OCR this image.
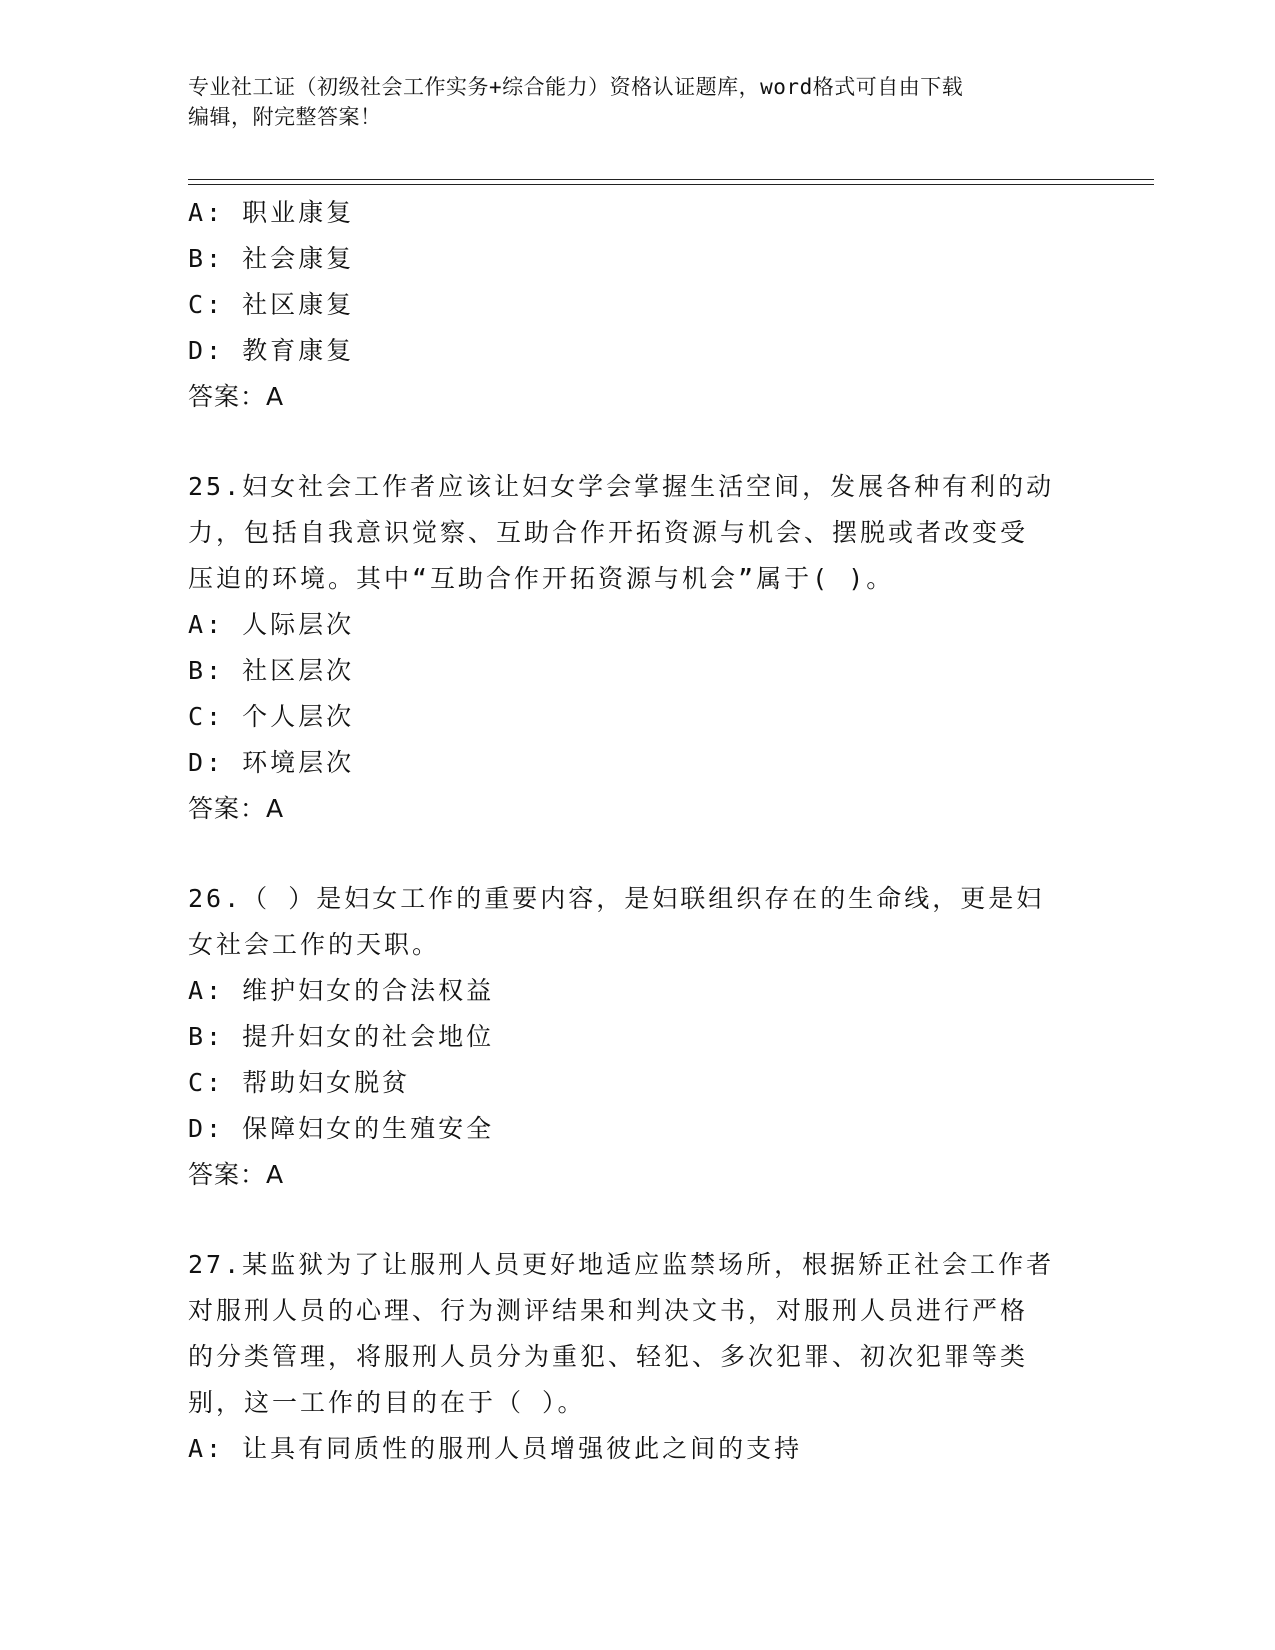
专业社工证（初级社会工作实务+综合能力）资格认证题库，word格式可自由下载
编辑，附完整答案！

A: 职业康复

B: 社会康复

C: 社区康复

D: 教育康复

答案：A

25.妇女社会工作者应该让妇女学会掌握生活空间，发展各种有利的动

力，包括自我意识觉察、互助合作开拓资源与机会、摆脱或者改变受

压迫的环境。其中“互助合作开拓资源与机会”属于( )。

A: 人际层次

B: 社区层次

C: 个人层次

D: 环境层次

答案：A

26.（ ）是妇女工作的重要内容，是妇联组织存在的生命线，更是妇

女社会工作的天职。

A: 维护妇女的合法权益

B: 提升妇女的社会地位

C: 帮助妇女脱贫

D: 保障妇女的生殖安全

答案：A

27.某监狱为了让服刑人员更好地适应监禁场所，根据矫正社会工作者

对服刑人员的心理、行为测评结果和判决文书，对服刑人员进行严格

的分类管理，将服刑人员分为重犯、轻犯、多次犯罪、初次犯罪等类

别，这一工作的目的在于（ ）。

A: 让具有同质性的服刑人员增强彼此之间的支持
